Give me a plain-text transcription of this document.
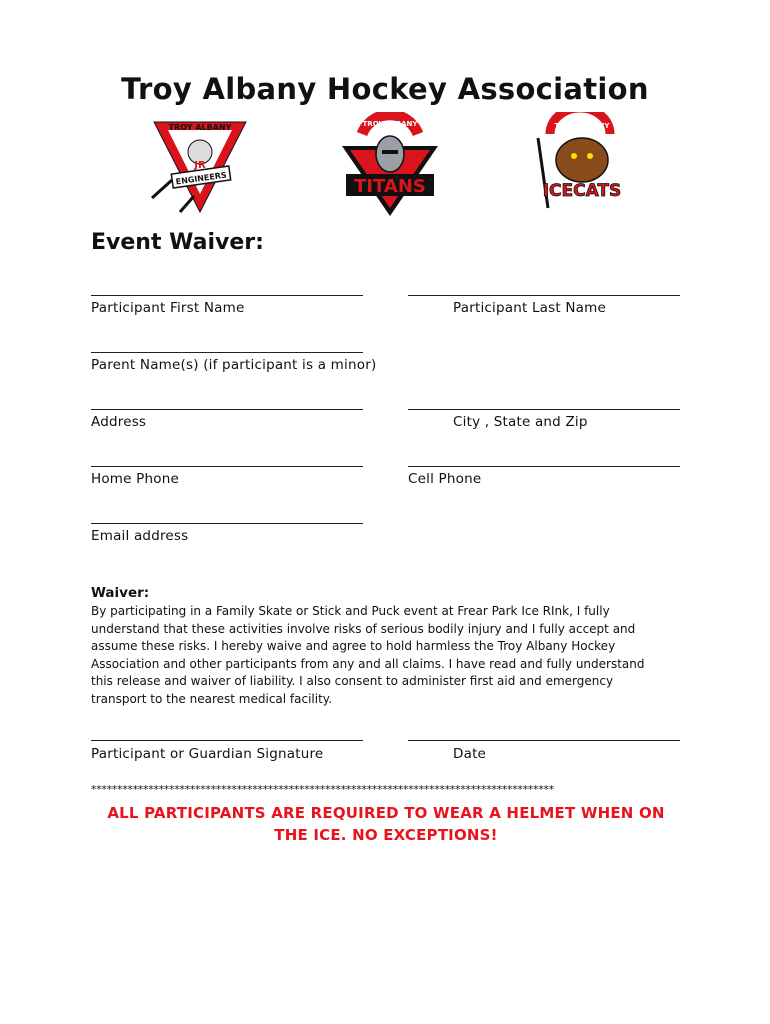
Troy Albany Hockey Association
TROY ALBANY
JR
ENGINEERS
TROY ALBANY
TITANS
TROY ALBANY
ICECATS
Event Waiver:
Participant First Name	Participant Last Name
Parent Name(s) (if participant is a minor)
Address	City , State and Zip
Home Phone	Cell Phone
Email address
Waiver:
By participating in a Family Skate or Stick and Puck event at Frear Park Ice RInk, I fully
understand that these activities involve risks of serious bodily injury and I fully accept and
assume these risks. I hereby waive and agree to hold harmless the Troy Albany Hockey
Association and other participants from any and all claims. I have read and fully understand
this release and waiver of liability. I also consent to administer first aid and emergency
transport to the nearest medical facility.
Participant or Guardian Signature	Date
*****************************************************************************************
ALL PARTICIPANTS ARE REQUIRED TO WEAR A HELMET WHEN ON
THE ICE. NO EXCEPTIONS!
